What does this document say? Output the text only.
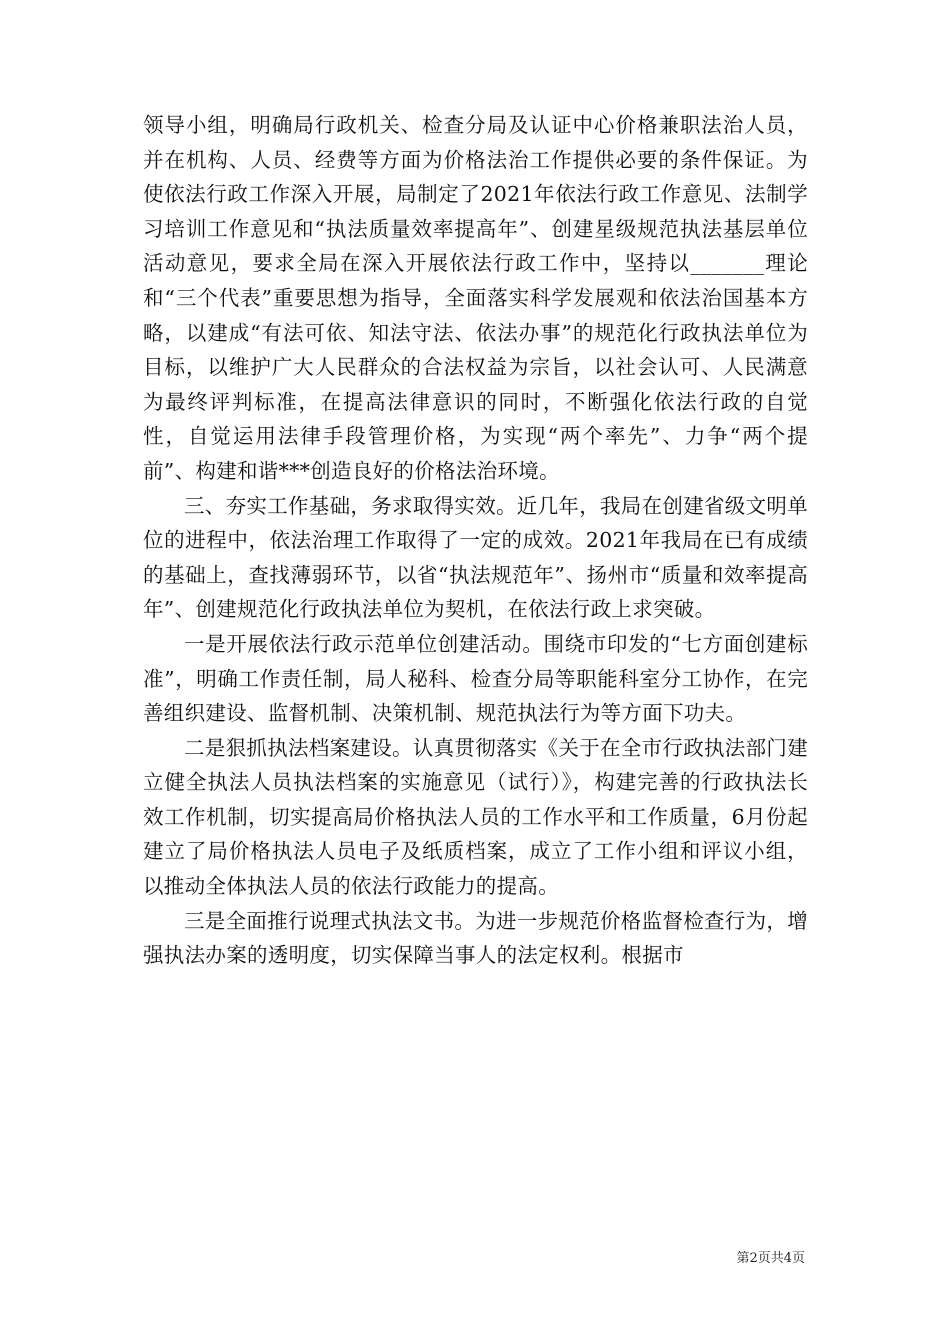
领导小组，明确局行政机关、检查分局及认证中心价格兼职法治人员，并在机构、人员、经费等方面为价格法治工作提供必要的条件保证。为使依法行政工作深入开展，局制定了2021年依法行政工作意见、法制学习培训工作意见和“执法质量效率提高年”、创建星级规范执法基层单位活动意见，要求全局在深入开展依法行政工作中，坚持以_______理论和“三个代表”重要思想为指导，全面落实科学发展观和依法治国基本方略，以建成“有法可依、知法守法、依法办事”的规范化行政执法单位为目标，以维护广大人民群众的合法权益为宗旨，以社会认可、人民满意为最终评判标准，在提高法律意识的同时，不断强化依法行政的自觉性，自觉运用法律手段管理价格，为实现“两个率先”、力争“两个提前”、构建和谐***创造良好的价格法治环境。

三、夯实工作基础，务求取得实效。近几年，我局在创建省级文明单位的进程中，依法治理工作取得了一定的成效。2021年我局在已有成绩的基础上，查找薄弱环节，以省“执法规范年”、扬州市“质量和效率提高年”、创建规范化行政执法单位为契机，在依法行政上求突破。

一是开展依法行政示范单位创建活动。围绕市印发的“七方面创建标准”，明确工作责任制，局人秘科、检查分局等职能科室分工协作，在完善组织建设、监督机制、决策机制、规范执法行为等方面下功夫。

二是狠抓执法档案建设。认真贯彻落实《关于在全市行政执法部门建立健全执法人员执法档案的实施意见（试行）》，构建完善的行政执法长效工作机制，切实提高局价格执法人员的工作水平和工作质量，6月份起建立了局价格执法人员电子及纸质档案，成立了工作小组和评议小组，以推动全体执法人员的依法行政能力的提高。

三是全面推行说理式执法文书。为进一步规范价格监督检查行为，增强执法办案的透明度，切实保障当事人的法定权利。根据市

第2页共4页
